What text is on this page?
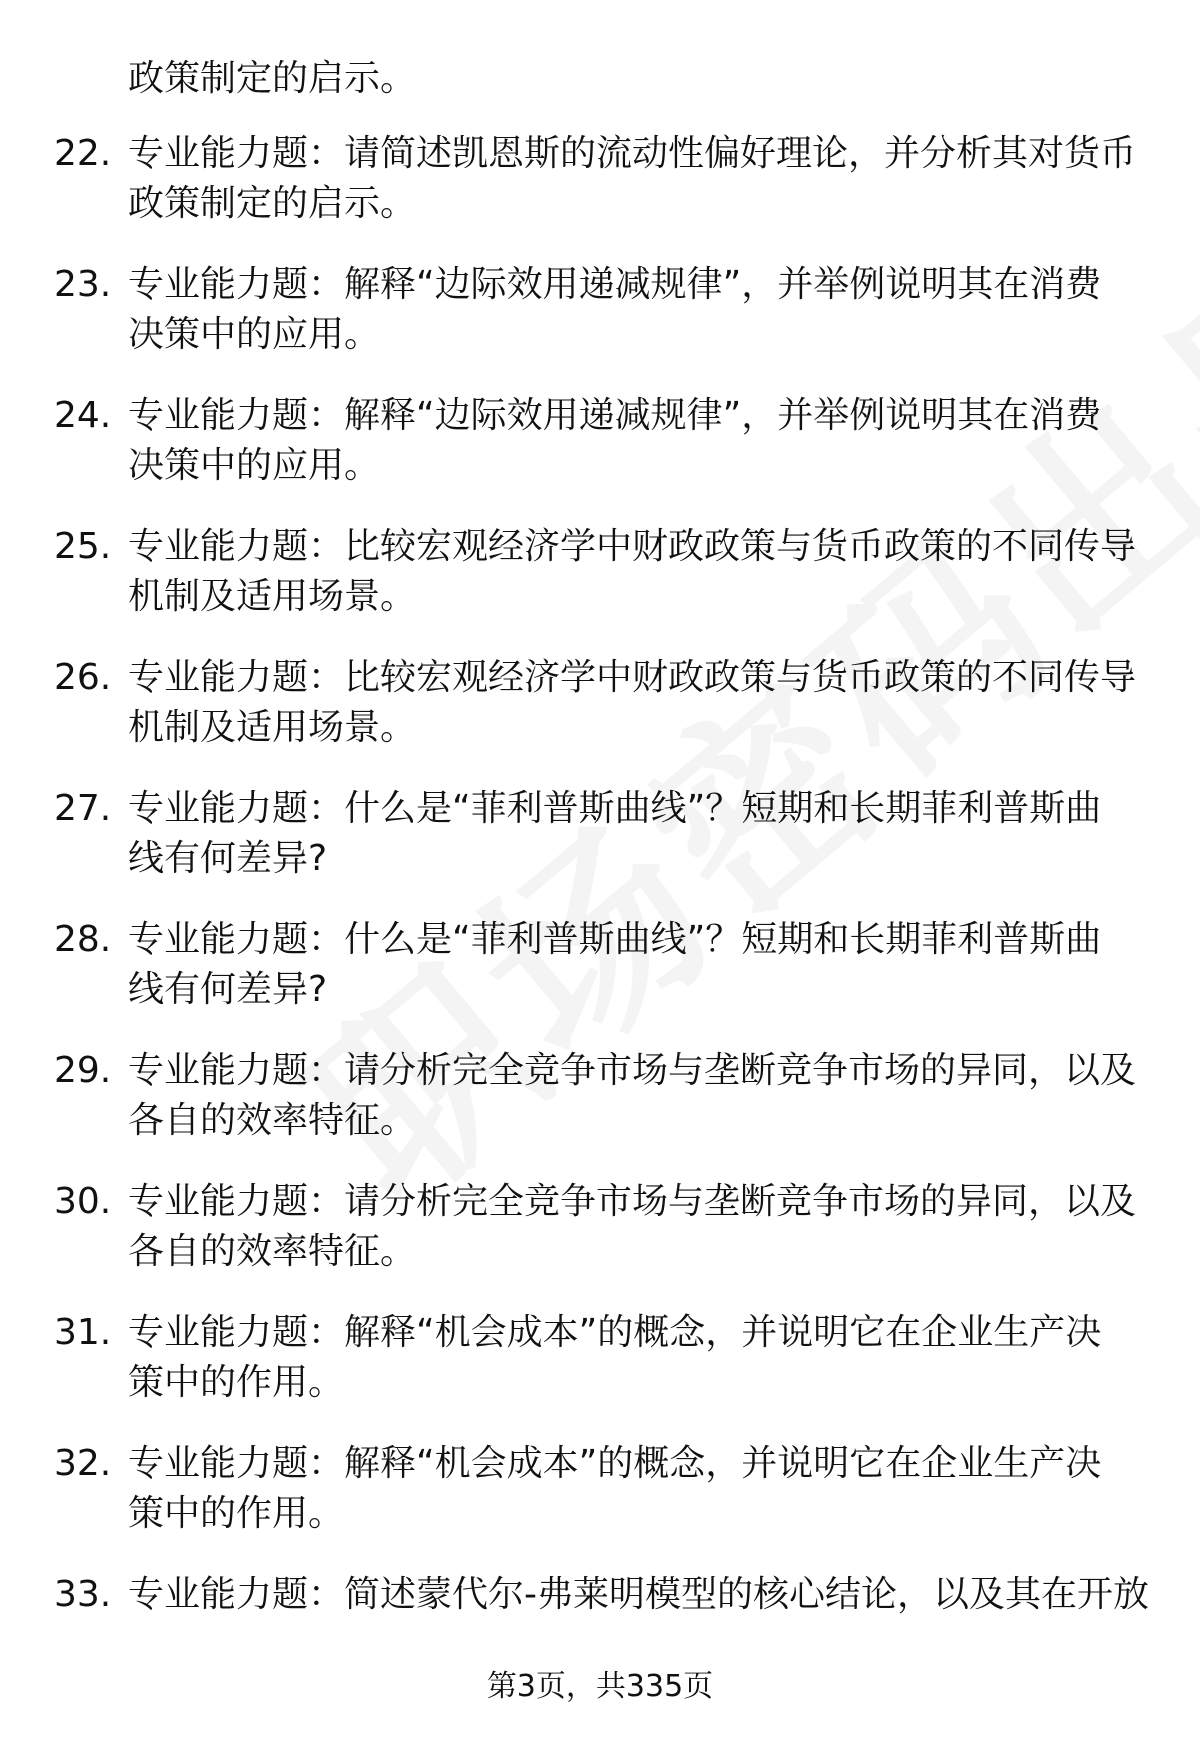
政策制定的启示。
22. 专业能力题：请简述凯恩斯的流动性偏好理论，并分析其对货币
政策制定的启示。
23. 专业能力题：解释“边际效用递减规律”，并举例说明其在消费
决策中的应用。
24. 专业能力题：解释“边际效用递减规律”，并举例说明其在消费
决策中的应用。
25. 专业能力题：比较宏观经济学中财政政策与货币政策的不同传导
机制及适用场景。
26. 专业能力题：比较宏观经济学中财政政策与货币政策的不同传导
机制及适用场景。
27. 专业能力题：什么是“菲利普斯曲线”？短期和长期菲利普斯曲
线有何差异?
28. 专业能力题：什么是“菲利普斯曲线”？短期和长期菲利普斯曲
线有何差异?
29. 专业能力题：请分析完全竞争市场与垄断竞争市场的异同，以及
各自的效率特征。
30. 专业能力题：请分析完全竞争市场与垄断竞争市场的异同，以及
各自的效率特征。
31. 专业能力题：解释“机会成本”的概念，并说明它在企业生产决
策中的作用。
32. 专业能力题：解释“机会成本”的概念，并说明它在企业生产决
策中的作用。
33. 专业能力题：简述蒙代尔-弗莱明模型的核心结论，以及其在开放
第3页，共335页
